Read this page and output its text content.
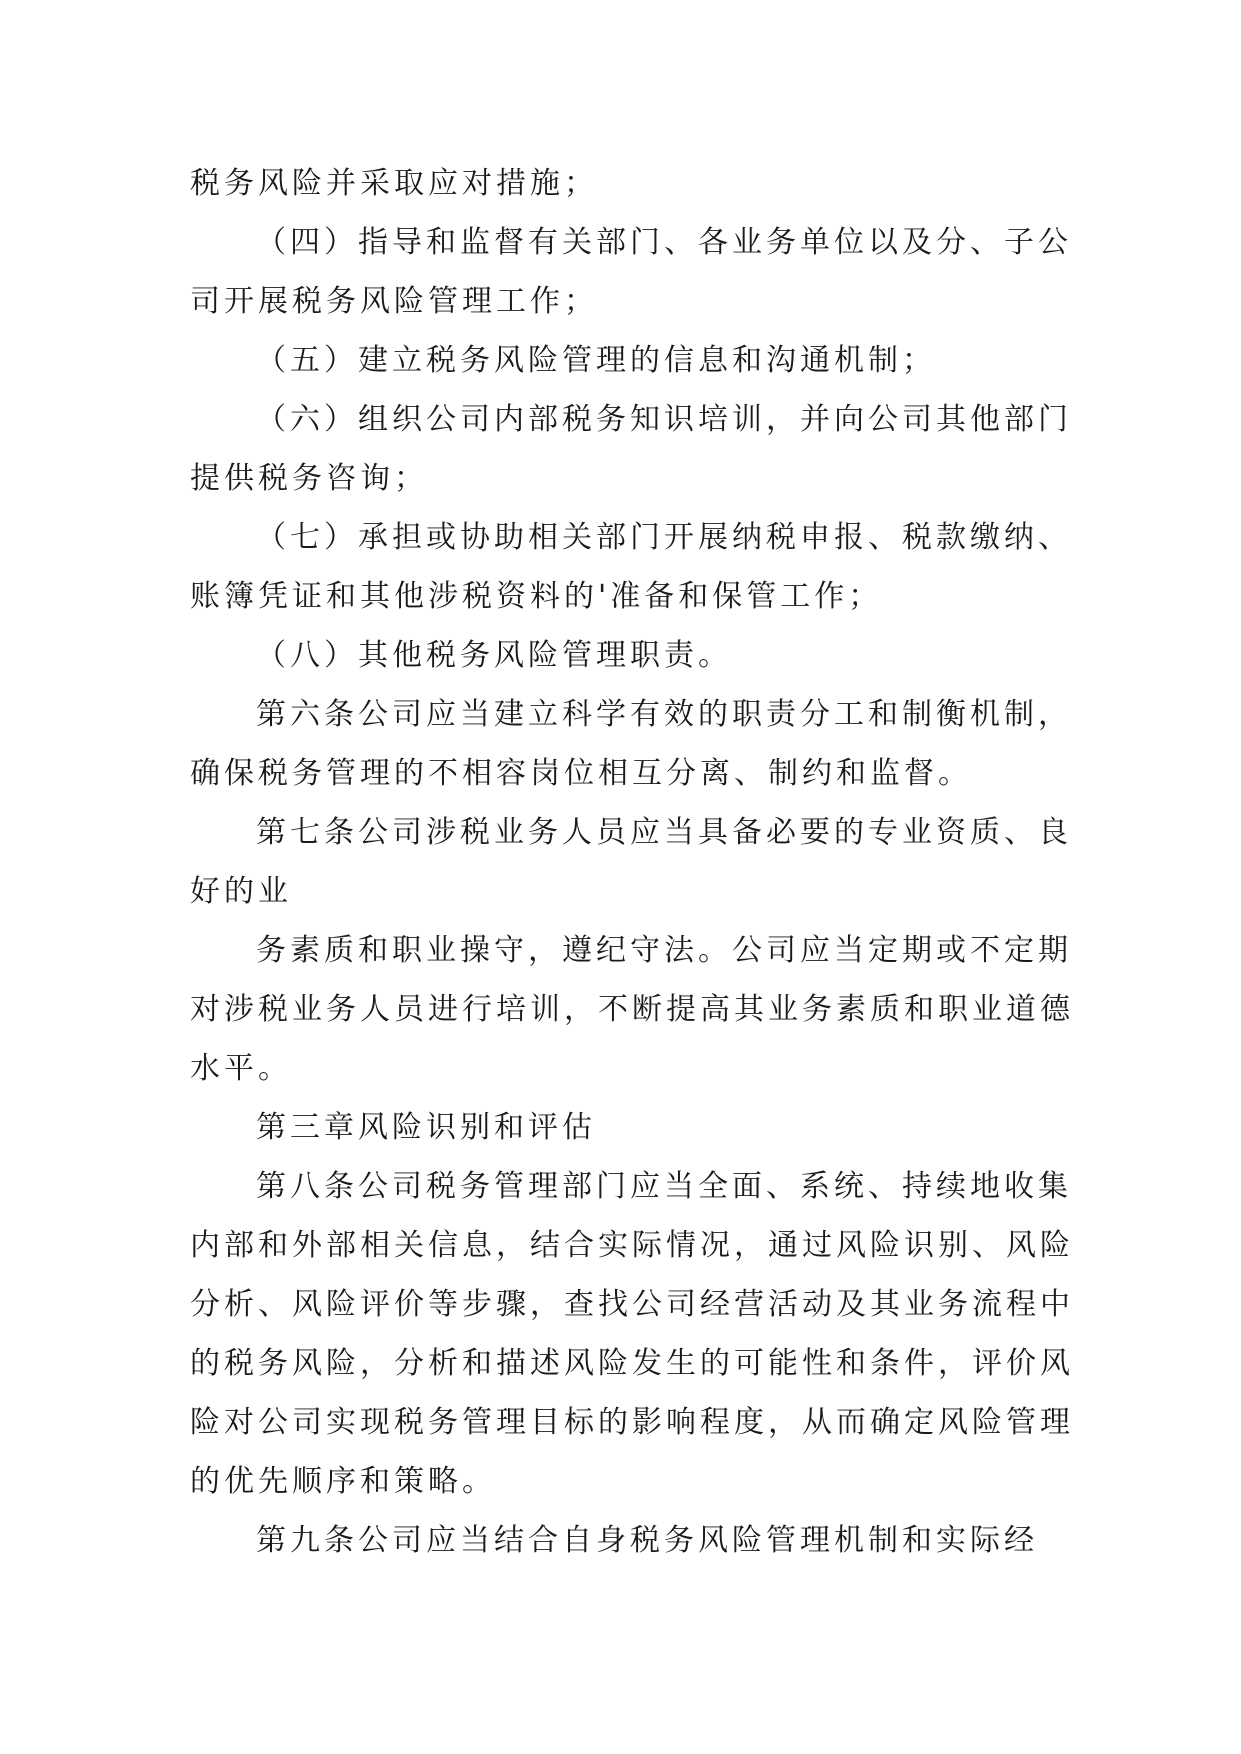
税务风险并采取应对措施；
（四）指导和监督有关部门、各业务单位以及分、子公
司开展税务风险管理工作；
（五）建立税务风险管理的信息和沟通机制；
（六）组织公司内部税务知识培训，并向公司其他部门
提供税务咨询；
（七）承担或协助相关部门开展纳税申报、税款缴纳、
账簿凭证和其他涉税资料的'准备和保管工作；
（八）其他税务风险管理职责。
第六条公司应当建立科学有效的职责分工和制衡机制，
确保税务管理的不相容岗位相互分离、制约和监督。
第七条公司涉税业务人员应当具备必要的专业资质、良
好的业
务素质和职业操守，遵纪守法。公司应当定期或不定期
对涉税业务人员进行培训，不断提高其业务素质和职业道德
水平。
第三章风险识别和评估
第八条公司税务管理部门应当全面、系统、持续地收集
内部和外部相关信息，结合实际情况，通过风险识别、风险
分析、风险评价等步骤，查找公司经营活动及其业务流程中
的税务风险，分析和描述风险发生的可能性和条件，评价风
险对公司实现税务管理目标的影响程度，从而确定风险管理
的优先顺序和策略。
第九条公司应当结合自身税务风险管理机制和实际经
